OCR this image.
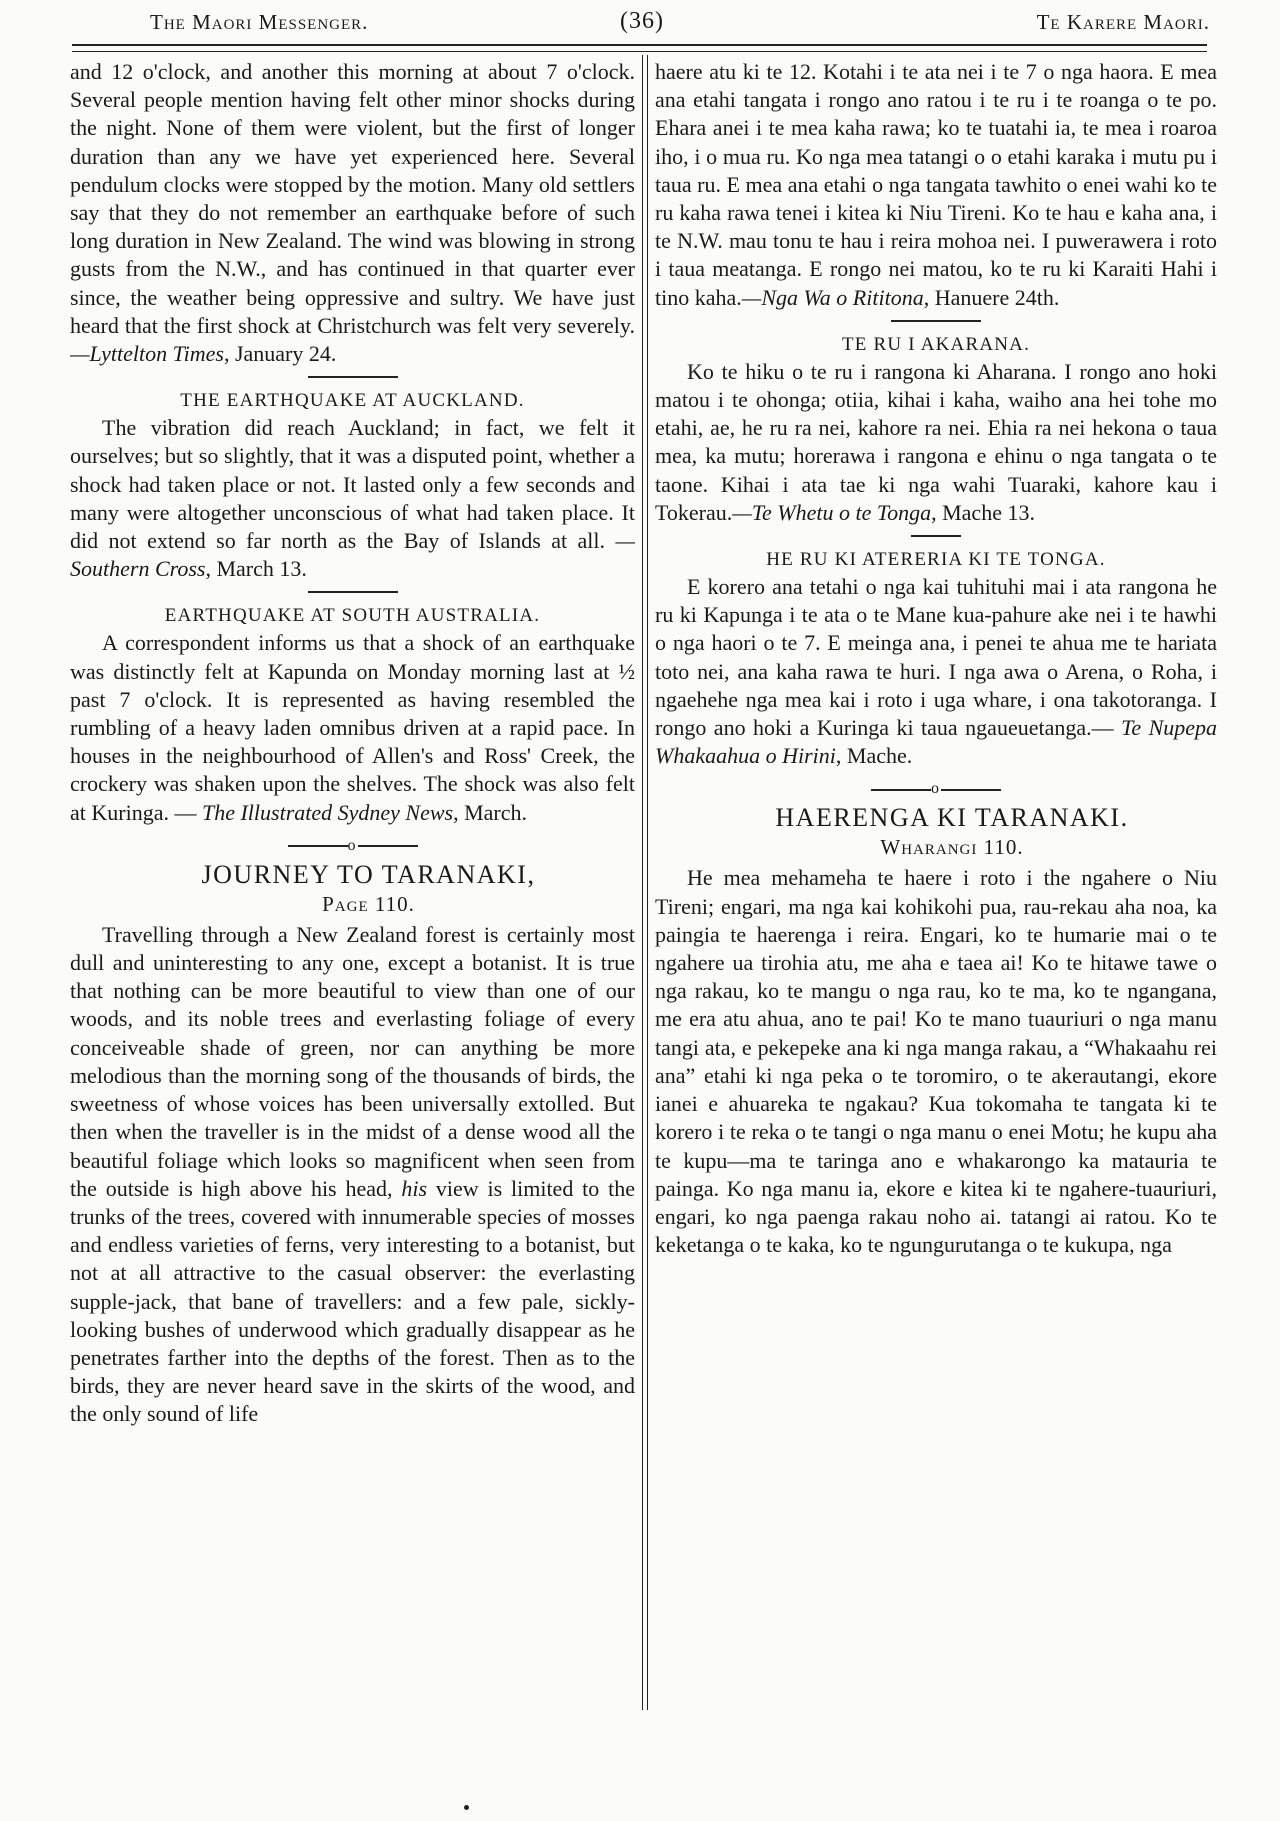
The Maori Messenger.	(36)	Te Karere Maori.

and 12 o'clock, and another this morning at about 7 o'clock. Several people mention having felt other minor shocks during the night. None of them were violent, but the first of longer duration than any we have yet experienced here. Several pendulum clocks were stopped by the motion. Many old settlers say that they do not remember an earthquake before of such long duration in New Zealand. The wind was blowing in strong gusts from the N.W., and has continued in that quarter ever since, the weather being oppressive and sultry. We have just heard that the first shock at Christchurch was felt very severely. —Lyttelton Times, January 24.

THE EARTHQUAKE AT AUCKLAND.

The vibration did reach Auckland; in fact, we felt it ourselves; but so slightly, that it was a disputed point, whether a shock had taken place or not. It lasted only a few seconds and many were altogether unconscious of what had taken place. It did not extend so far north as the Bay of Islands at all. —Southern Cross, March 13.

EARTHQUAKE AT SOUTH AUSTRALIA.

A correspondent informs us that a shock of an earthquake was distinctly felt at Kapunda on Monday morning last at ½ past 7 o'clock. It is represented as having resembled the rumbling of a heavy laden omnibus driven at a rapid pace. In houses in the neighbourhood of Allen's and Ross' Creek, the crockery was shaken upon the shelves. The shock was also felt at Kuringa. — The Illustrated Sydney News, March.

o

JOURNEY TO TARANAKI,

Page 110.

Travelling through a New Zealand forest is certainly most dull and uninteresting to any one, except a botanist. It is true that nothing can be more beautiful to view than one of our woods, and its noble trees and everlasting foliage of every conceiveable shade of green, nor can anything be more melodious than the morning song of the thousands of birds, the sweetness of whose voices has been universally extolled. But then when the traveller is in the midst of a dense wood all the beautiful foliage which looks so magnificent when seen from the outside is high above his head, his view is limited to the trunks of the trees, covered with innumerable species of mosses and endless varieties of ferns, very interesting to a botanist, but not at all attractive to the casual observer: the everlasting supple-jack, that bane of travellers: and a few pale, sickly-looking bushes of underwood which gradually disappear as he penetrates farther into the depths of the forest. Then as to the birds, they are never heard save in the skirts of the wood, and the only sound of life

haere atu ki te 12. Kotahi i te ata nei i te 7 o nga haora. E mea ana etahi tangata i rongo ano ratou i te ru i te roanga o te po. Ehara anei i te mea kaha rawa; ko te tuatahi ia, te mea i roaroa iho, i o mua ru. Ko nga mea tatangi o o etahi karaka i mutu pu i taua ru. E mea ana etahi o nga tangata tawhito o enei wahi ko te ru kaha rawa tenei i kitea ki Niu Tireni. Ko te hau e kaha ana, i te N.W. mau tonu te hau i reira mohoa nei. I puwerawera i roto i taua meatanga. E rongo nei matou, ko te ru ki Karaiti Hahi i tino kaha.—Nga Wa o Rititona, Hanuere 24th.

TE RU I AKARANA.

Ko te hiku o te ru i rangona ki Aharana. I rongo ano hoki matou i te ohonga; otiia, kihai i kaha, waiho ana hei tohe mo etahi, ae, he ru ra nei, kahore ra nei. Ehia ra nei hekona o taua mea, ka mutu; horerawa i rangona e ehinu o nga tangata o te taone. Kihai i ata tae ki nga wahi Tuaraki, kahore kau i Tokerau.—Te Whetu o te Tonga, Mache 13.

HE RU KI ATERERIA KI TE TONGA.

E korero ana tetahi o nga kai tuhituhi mai i ata rangona he ru ki Kapunga i te ata o te Mane kua-pahure ake nei i te hawhi o nga haori o te 7. E meinga ana, i penei te ahua me te hariata toto nei, ana kaha rawa te huri. I nga awa o Arena, o Roha, i ngaehehe nga mea kai i roto i uga whare, i ona takotoranga. I rongo ano hoki a Kuringa ki taua ngaueuetanga.— Te Nupepa Whakaahua o Hirini, Mache.

o

HAERENGA KI TARANAKI.

Wharangi 110.

He mea mehameha te haere i roto i the ngahere o Niu Tireni; engari, ma nga kai kohikohi pua, rau-rekau aha noa, ka paingia te haerenga i reira. Engari, ko te humarie mai o te ngahere ua tirohia atu, me aha e taea ai! Ko te hitawe tawe o nga rakau, ko te mangu o nga rau, ko te ma, ko te ngangana, me era atu ahua, ano te pai! Ko te mano tuauriuri o nga manu tangi ata, e pekepeke ana ki nga manga rakau, a “Whakaahu rei ana” etahi ki nga peka o te toromiro, o te akerautangi, ekore ianei e ahuareka te ngakau? Kua tokomaha te tangata ki te korero i te reka o te tangi o nga manu o enei Motu; he kupu aha te kupu—ma te taringa ano e whakarongo ka matauria te painga. Ko nga manu ia, ekore e kitea ki te ngahere-tuauriuri, engari, ko nga paenga rakau noho ai. tatangi ai ratou. Ko te keketanga o te kaka, ko te ngungurutanga o te kukupa, nga
